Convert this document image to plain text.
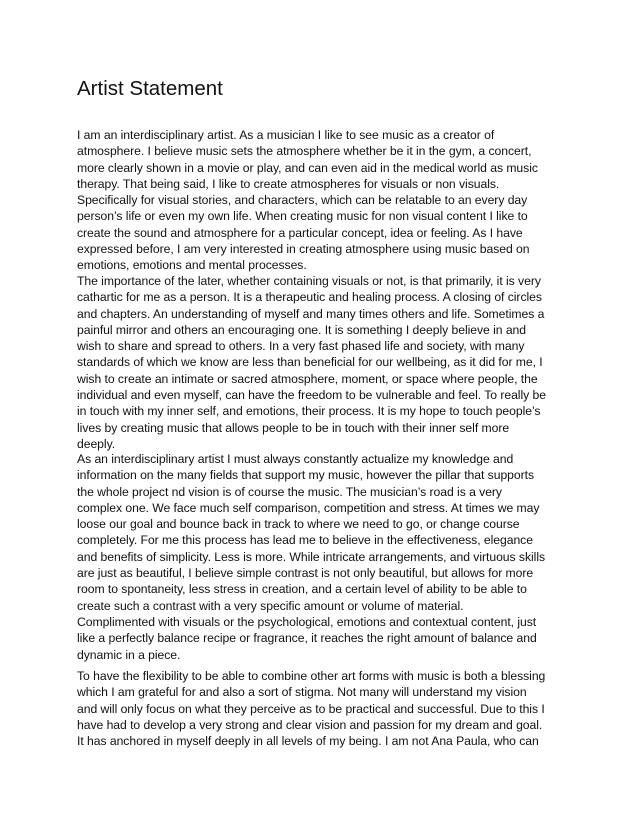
Artist Statement
I am an interdisciplinary artist. As a musician I like to see music as a creator of
atmosphere. I believe music sets the atmosphere whether be it in the gym, a concert,
more clearly shown in a movie or play, and can even aid in the medical world as music
therapy. That being said, I like to create atmospheres for visuals or non visuals.
Specifically for visual stories, and characters, which can be relatable to an every day
person’s life or even my own life. When creating music for non visual content I like to
create the sound and atmosphere for a particular concept, idea or feeling. As I have
expressed before, I am very interested in creating atmosphere using music based on
emotions, emotions and mental processes.
The importance of the later, whether containing visuals or not, is that primarily, it is very
cathartic for me as a person. It is a therapeutic and healing process. A closing of circles
and chapters. An understanding of myself and many times others and life. Sometimes a
painful mirror and others an encouraging one. It is something I deeply believe in and
wish to share and spread to others. In a very fast phased life and society, with many
standards of which we know are less than beneficial for our wellbeing, as it did for me, I
wish to create an intimate or sacred atmosphere, moment, or space where people, the
individual and even myself, can have the freedom to be vulnerable and feel. To really be
in touch with my inner self, and emotions, their process. It is my hope to touch people’s
lives by creating music that allows people to be in touch with their inner self more
deeply.
As an interdisciplinary artist I must always constantly actualize my knowledge and
information on the many fields that support my music, however the pillar that supports
the whole project nd vision is of course the music. The musician’s road is a very
complex one. We face much self comparison, competition and stress. At times we may
loose our goal and bounce back in track to where we need to go, or change course
completely. For me this process has lead me to believe in the effectiveness, elegance
and benefits of simplicity. Less is more. While intricate arrangements, and virtuous skills
are just as beautiful, I believe simple contrast is not only beautiful, but allows for more
room to spontaneity, less stress in creation, and a certain level of ability to be able to
create such a contrast with a very specific amount or volume of material.
Complimented with visuals or the psychological, emotions and contextual content, just
like a perfectly balance recipe or fragrance, it reaches the right amount of balance and
dynamic in a piece.
To have the flexibility to be able to combine other art forms with music is both a blessing
which I am grateful for and also a sort of stigma. Not many will understand my vision
and will only focus on what they perceive as to be practical and successful. Due to this I
have had to develop a very strong and clear vision and passion for my dream and goal.
It has anchored in myself deeply in all levels of my being. I am not Ana Paula, who can
